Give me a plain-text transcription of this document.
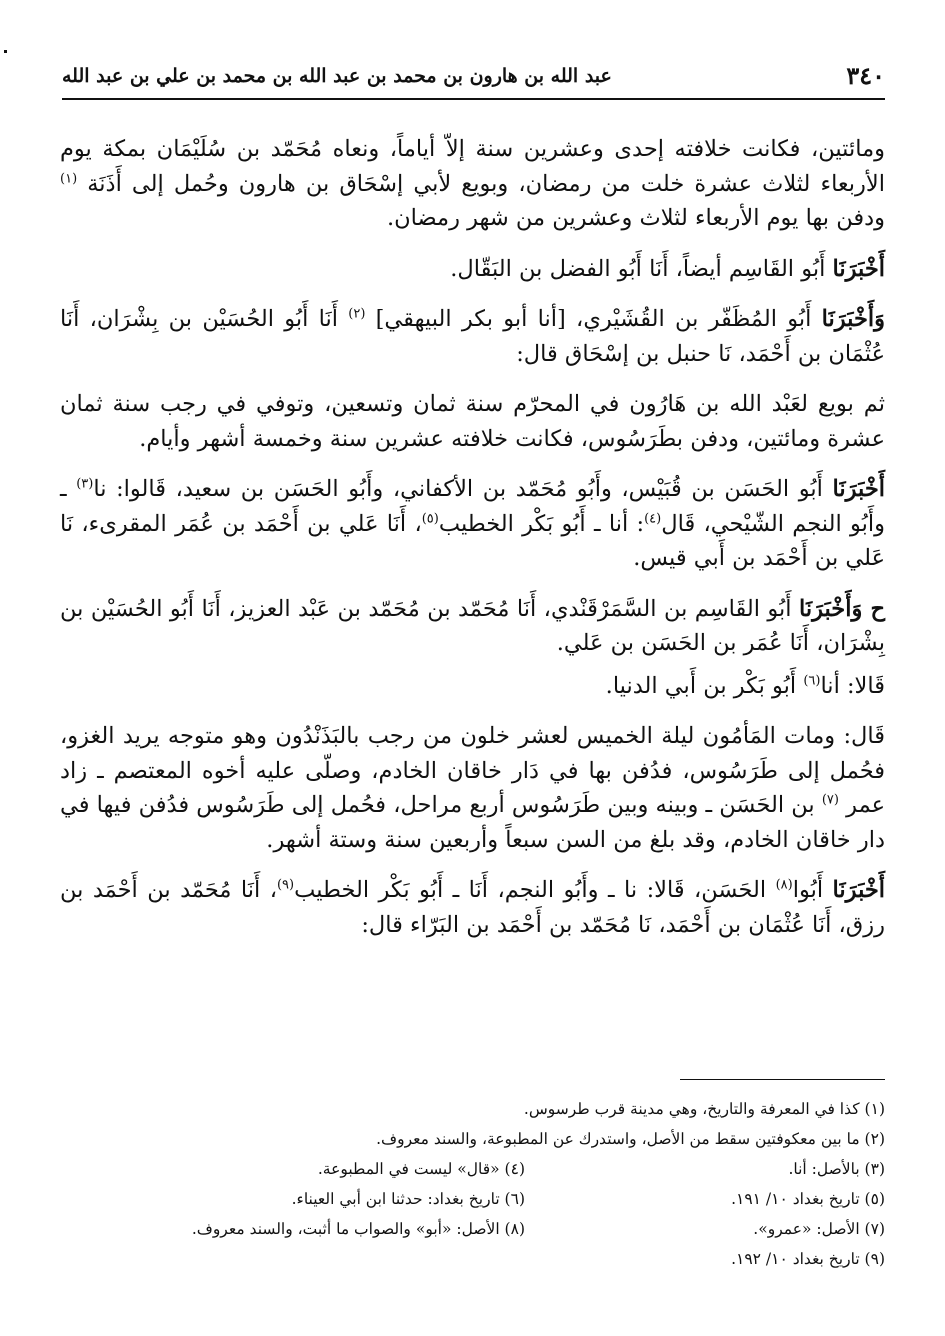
٣٤٠
عبد الله بن هارون بن محمد بن عبد الله بن محمد بن علي بن عبد الله

ومائتين، فكانت خلافته إحدى وعشرين سنة إلاّ أياماً، ونعاه مُحَمّد بن سُلَيْمَان بمكة يوم الأربعاء لثلاث عشرة خلت من رمضان، وبويع لأبي إسْحَاق بن هارون وحُمل إلى أَذَنَة $^{(١)}$ ودفن بها يوم الأربعاء لثلاث وعشرين من شهر رمضان.

أَخْبَرَنَا أَبُو القَاسِم أيضاً، أَنَا أَبُو الفضل بن البَقّال.

وَأَخْبَرَنَا أَبُو المُظَفّر بن القُشَيْري، [أنا أبو بكر البيهقي] $^{(٢)}$ أَنَا أَبُو الحُسَيْن بن بِشْرَان، أَنَا عُثْمَان بن أَحْمَد، نَا حنبل بن إسْحَاق قال:

ثم بويع لعَبْد الله بن هَارُون في المحرّم سنة ثمان وتسعين، وتوفي في رجب سنة ثمان عشرة ومائتين، ودفن بطَرَسُوس، فكانت خلافته عشرين سنة وخمسة أشهر وأيام.

أَخْبَرَنَا أَبُو الحَسَن بن قُبَيْس، وأَبُو مُحَمّد بن الأكفاني، وأَبُو الحَسَن بن سعيد، قَالوا: نا$^{(٣)}$ ـ وأَبُو النجم الشّيْحي، قَال$^{(٤)}$: أنا ـ أَبُو بَكْر الخطيب$^{(٥)}$، أَنَا عَلي بن أَحْمَد بن عُمَر المقرىء، نَا عَلي بن أَحْمَد بن أَبي قيس.

ح وَأَخْبَرَنَا أَبُو القَاسِم بن السَّمَرْقَنْدي، أَنَا مُحَمّد بن مُحَمّد بن عَبْد العزيز، أَنَا أَبُو الحُسَيْن بن بِشْرَان، أَنَا عُمَر بن الحَسَن بن عَلي.

قَالا: أنا$^{(٦)}$ أَبُو بَكْر بن أَبي الدنيا.

قَال: ومات المَأمُون ليلة الخميس لعشر خلون من رجب بالبَذَنْدُون وهو متوجه يريد الغزو، فحُمل إلى طَرَسُوس، فدُفن بها في دَار خاقان الخادم، وصلّى عليه أخوه المعتصم ـ زاد عمر $^{(٧)}$ بن الحَسَن ـ وبينه وبين طَرَسُوس أربع مراحل، فحُمل إلى طَرَسُوس فدُفن فيها في دار خاقان الخادم، وقد بلغ من السن سبعاً وأربعين سنة وستة أشهر.

أَخْبَرَنَا أَبُوا$^{(٨)}$ الحَسَن، قَالا: نا ـ وأَبُو النجم، أَنَا ـ أَبُو بَكْر الخطيب$^{(٩)}$، أَنَا مُحَمّد بن أَحْمَد بن رزق، أَنَا عُثْمَان بن أَحْمَد، نَا مُحَمّد بن أَحْمَد بن البَرّاء قال:

(١) كذا في المعرفة والتاريخ، وهي مدينة قرب طرسوس.
(٢) ما بين معكوفتين سقط من الأصل، واستدرك عن المطبوعة، والسند معروف.
(٣) بالأصل: أنا.
(٤) «قال» ليست في المطبوعة.
(٥) تاريخ بغداد ١٠/ ١٩١.
(٦) تاريخ بغداد: حدثنا ابن أبي العيناء.
(٧) الأصل: «عمرو».
(٨) الأصل: «أبو» والصواب ما أثبت، والسند معروف.
(٩) تاريخ بغداد ١٠/ ١٩٢.
